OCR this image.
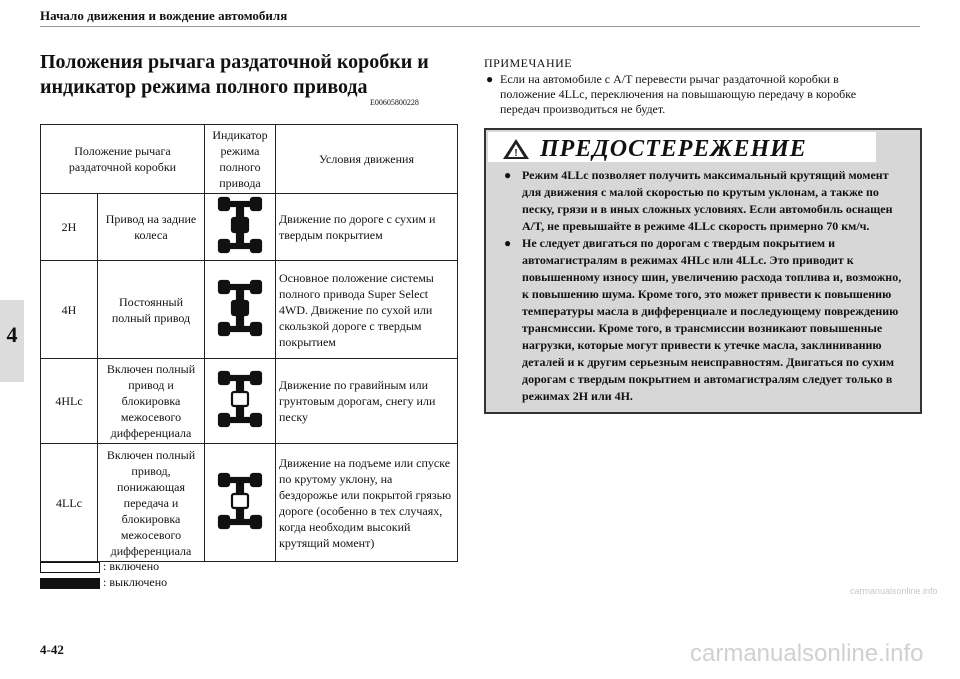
Начало движения и вождение автомобиля
4
Положения рычага раздаточной коробки и индикатор режима полного привода
E00605800228
Положение рычага раздаточной коробки		Индикатор режима полного привода	Условия движения
2H	Привод на задние колеса		Движение по дороге с сухим и твердым покрытием
4H	Постоянный полный привод		Основное положение системы полного привода Super Select 4WD. Движение по сухой или скользкой дороге с твердым покрытием
4HLc	Включен полный привод и блокировка межосевого дифференциала		Движение по гравийным или грунтовым дорогам, снегу или песку
4LLc	Включен полный привод, понижающая передача и блокировка межосевого дифференциала		Движение на подъеме или спуске по крутому уклону, на бездорожье или покрытой грязью дороге (особенно в тех случаях, когда необходим высокий крутящий момент)
: включено
: выключено
ПРИМЕЧАНИЕ
● Если на автомобиле с A/T перевести рычаг раздаточной коробки в положение 4LLc, переключения на повышающую передачу в коробке передач производиться не будет.
! ПРЕДОСТЕРЕЖЕНИЕ
● Режим 4LLc позволяет получить максимальный крутящий момент для движения с малой скоростью по крутым уклонам, а также по песку, грязи и в иных сложных условиях. Если автомобиль оснащен A/T, не превышайте в режиме 4LLc скорость примерно 70 км/ч.
● Не следует двигаться по дорогам с твердым покрытием и автомагистралям в режимах 4HLc или 4LLc. Это приводит к повышенному износу шин, увеличению расхода топлива и, возможно, к повышению шума. Кроме того, это может привести к повышению температуры масла в дифференциале и последующему повреждению трансмиссии. Кроме того, в трансмиссии возникают повышенные нагрузки, которые могут привести к утечке масла, заклиниванию деталей и к другим серьезным неисправностям. Двигаться по сухим дорогам с твердым покрытием и автомагистралям следует только в режимах 2H или 4H.
4-42
carmanualsonline.info
carmanualsonline.info
